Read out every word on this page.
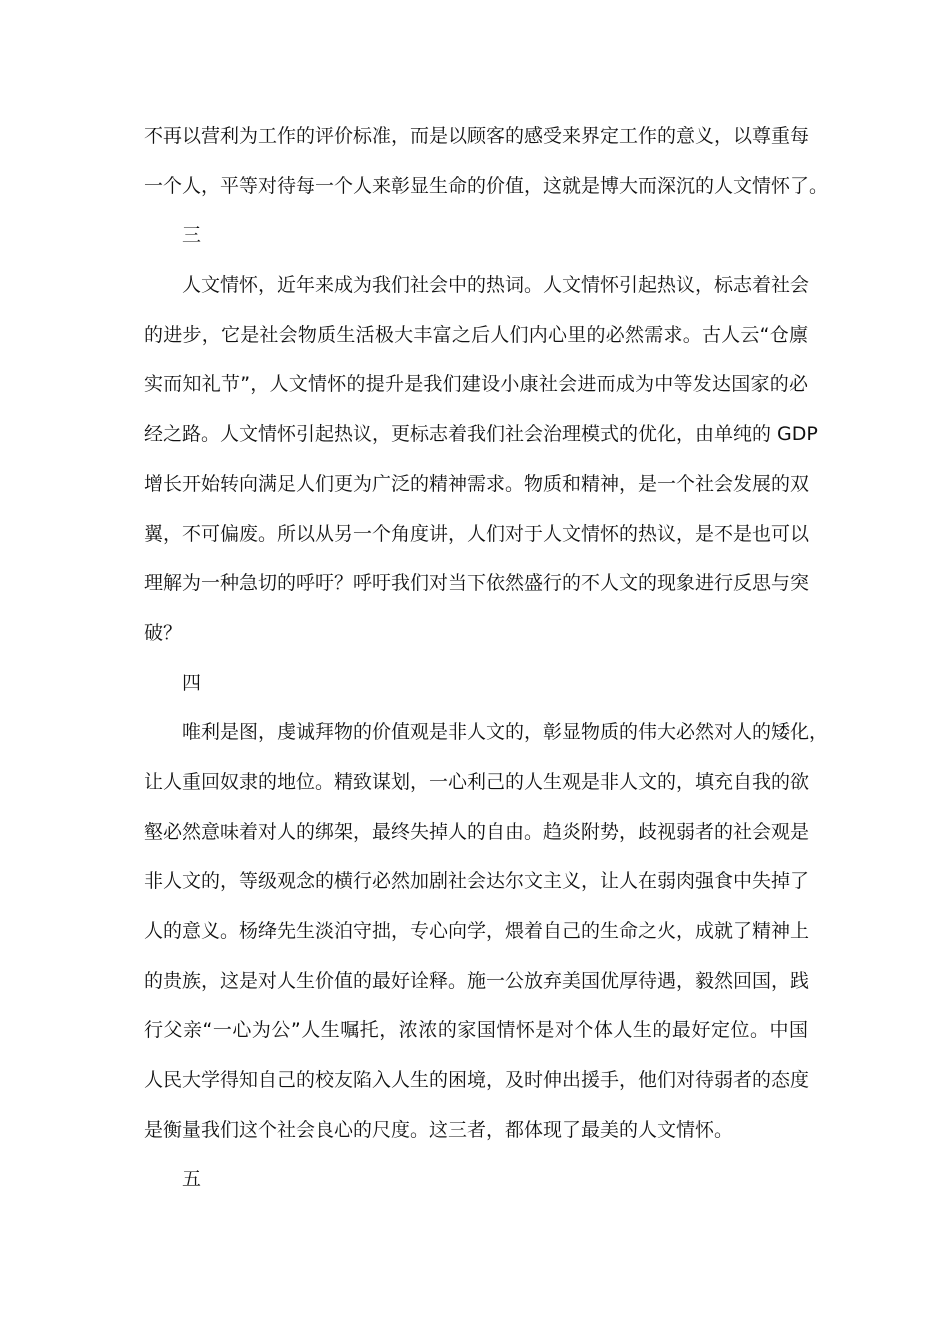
不再以营利为工作的评价标准，而是以顾客的感受来界定工作的意义，以尊重每
一个人，平等对待每一个人来彰显生命的价值，这就是博大而深沉的人文情怀了。
三
人文情怀，近年来成为我们社会中的热词。人文情怀引起热议，标志着社会
的进步，它是社会物质生活极大丰富之后人们内心里的必然需求。古人云“仓廪
实而知礼节”，人文情怀的提升是我们建设小康社会进而成为中等发达国家的必
经之路。人文情怀引起热议，更标志着我们社会治理模式的优化，由单纯的 GDP
增长开始转向满足人们更为广泛的精神需求。物质和精神，是一个社会发展的双
翼，不可偏废。所以从另一个角度讲，人们对于人文情怀的热议，是不是也可以
理解为一种急切的呼吁？呼吁我们对当下依然盛行的不人文的现象进行反思与突
破？
四
唯利是图，虔诚拜物的价值观是非人文的，彰显物质的伟大必然对人的矮化，
让人重回奴隶的地位。精致谋划，一心利己的人生观是非人文的，填充自我的欲
壑必然意味着对人的绑架，最终失掉人的自由。趋炎附势，歧视弱者的社会观是
非人文的，等级观念的横行必然加剧社会达尔文主义，让人在弱肉强食中失掉了
人的意义。杨绛先生淡泊守拙，专心向学，煨着自己的生命之火，成就了精神上
的贵族，这是对人生价值的最好诠释。施一公放弃美国优厚待遇，毅然回国，践
行父亲“一心为公”人生嘱托，浓浓的家国情怀是对个体人生的最好定位。中国
人民大学得知自己的校友陷入人生的困境，及时伸出援手，他们对待弱者的态度
是衡量我们这个社会良心的尺度。这三者，都体现了最美的人文情怀。
五
